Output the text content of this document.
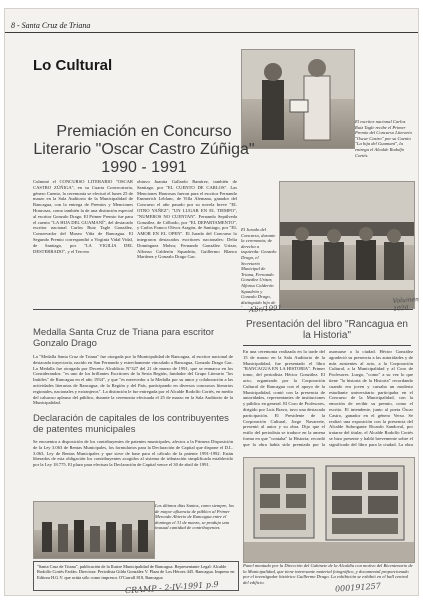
8 - Santa Cruz de Triana
Lo Cultural
El escritor nacional Carlos Ruiz Tagle recibe el Primer Premio del Concurso Literario "Oscar Castro" por su Cuento "La hija del Guamaní", la entrega el Alcalde Rodolfo Cortés.
Premiación en Concurso Literario "Oscar Castro Zúñiga" 1990 - 1991
Culminó el CONCURSO LITERARIO "OSCAR CASTRO ZÚÑIGA", en su Cuarta Convocatoria, género Cuento, la ceremonia se efectuó el lunes 25 de marzo en la Sala Auditorio de la Municipalidad de Rancagua, con la entrega de Premios y Menciones Honrosas, como también la de una distinción especial al escritor Gonzalo Drago. El Primer Premio fue para el cuento "LA HIJA DEL GUAMANÍ", del destacado escritor nacional Carlos Ruiz Tagle González, Conservador del Museo Viña de Rancagua. El Segundo Premio correspondió a Virginia Vidal Vidal, de Santiago, por "LA VIGILIA DEL DESTERRADO", y el Tercero
obtuvo Juanita Gallardo Ramírez, también de Santiago, por "EL CUENTO DE CARLOS". Las Menciones Honrosas fueron para el escritor Fernando Emmerich Leblanc, de Villa Alemana, ganador del Concurso el año pasado por su novela breve "EL OTRO YAÑEZ"; "UN LUGAR EN EL TIEMPO", "NUMEROS NO CUENTAN". Fernando Sepúlveda González, de Cólbodo, por "EL DEPARTAMENTO", y Carlos Franco Olivos Aragón, de Santiago, por "EL AMOR EN EL OPEN". El Jurado del Concurso lo integraron destacados escritores nacionales: Delia Domínguez Mohor, Fernando González Urizar, Alfonso Calderón Squadrito, Guillermo Blanco Martínez y Gonzalo Drago Gac.
El Jurado del Concurso, durante la ceremonia; de derecha a izquierda: Gonzalo Drago, el Secretario Municipal de Triana, Fernando González Urizar, Alfonso Calderón Squadrito y Gonzalo Drago, distinguido hijo de
Medalla Santa Cruz de Triana para escritor Gonzalo Drago
La "Medalla Santa Cruz de Triana" fue otorgada por la Municipalidad de Rancagua, al escritor nacional de destacada trayectoria, nacido en San Fernando y estrechamente vinculado a Rancagua, Gonzalo Drago Gac. La Medalla fue otorgada por Decreto Alcaldicio N°327 del 21 de marzo de 1991, que se enmarca en los Considerandos: "es uno de los brillantes Escritores de la Sexta Región, fundador del Grupo Literario "los Inútiles" de Rancagua en el año 1934", y que "es merecedor a la Medalla por su amor y colaboración a las actividades literarias de Rancagua, de la Región y del País, participando en diversos concursos literarios regionales, nacionales y extranjeros". La distinción le fue entregada por el Alcalde Rodolfo Cortés, en medio del caluroso aplauso del público, durante la ceremonia efectuada el 25 de marzo en la Sala Auditorio de la Municipalidad.
Declaración de capitales de los contribuyentes de patentes municipales
Se encuentra a disposición de los contribuyentes de patentes municipales, afectos a la Primera Disposición de la Ley 3.063 de Rentas Municipales, los formularios para la Declaración de Capital que dispone el D.L. 3.063, Ley de Rentas Municipales y que sirve de base para el cálculo de la patente 1991-1992. Están liberados de esta obligación los contribuyentes acogidos al sistema de tributación simplificada establecido por la Ley 18.775. El plazo para efectuar la Declaración de Capital vence el 30 de abril de 1991.
Los últimos días Santos, como siempre, los de mayor afluencia de público al Primer Mercado Abierto de Rancagua entre el domingo el 31 de marzo, se produjo una inusual cantidad de contribuyentes.
"Santa Cruz de Triana", publicación de la Ilustre Municipalidad de Rancagua. Representante Legal: Alcalde Rodolfo Cortés Farfán. Directora: Periodista Gilda González V. Plaza de Los Héroes 445. Rancagua. Impreso en Editora H.G.V. que actúa sólo como impresor. O'Carroll 818, Rancagua
Presentación del libro "Rancagua en la Historia"
En una ceremonia realizada en la tarde del 15 de marzo en la Sala Auditorio de la Municipalidad, fue presentado el libro "RANCAGUA EN LA HISTORIA". Primer tomo, del periodista Héctor González. El acto, organizado por la Corporación Cultural de Rancagua con el apoyo de la Municipalidad, contó con la presencia de autoridades, representantes de instituciones y público en general. El Coro de Profesores, dirigido por Luis Bravo, tuvo una destacada participación. El Presidente de la Corporación Cultural, Jorge Navarrete, presentó al autor y su obra. Dijo que el estilo del periodista se traduce en la amena forma en que "contaba" la Historia; recordó que la obra había sido premiada por la
asomarse a la ciudad. Héctor González agradeció su presencia a las autoridades y de más asistentes al acto, a la Corporación Cultural, a la Municipalidad y al Coro de Profesores. Luego, "como" a su vez lo que tiene "la historia de la Historia" recordando cuando era joven y cursaba un modesto estudiante universitario participaba en el Concurso de la Municipalidad, con la emoción de recibir su premio, como el escrito. El intendente, junto al poeta Óscar Castro, ganador en el género Verso. Se realizó una exposición con la presencia del Alcalde Subrogante Ricardo Sandoval, por tratarse del titular, el Alcalde Rodolfo Cortés se hizo presente y habló brevemente sobre el significado del libro para la ciudad. La obra
Panel montado por la Dirección del Gabinete de la Alcaldía con motivo del Bicentenario de la Municipalidad, que tiene interesante material fotográfico, y documental proporcionado por el investigador histórico Guillermo Drago. La exhibición se exhibió en el hall central del edificio.
Abr/1991
Volumen 1020
CRAMP - 2-IV-1991 p.9	000191257
